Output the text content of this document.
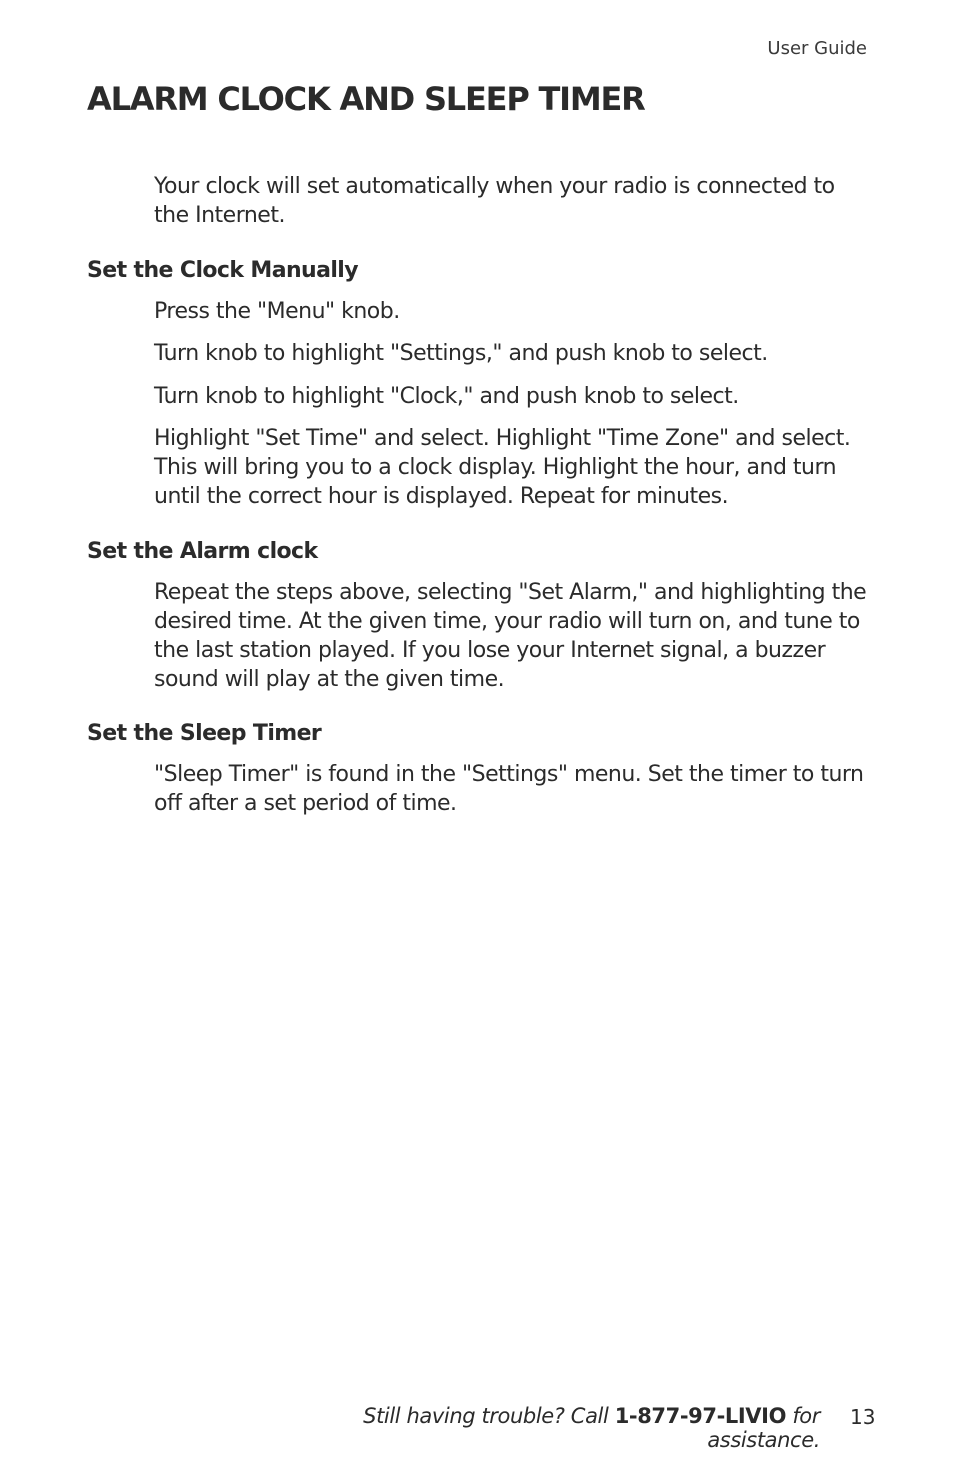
User Guide
ALARM CLOCK AND SLEEP TIMER

Your clock will set automatically when your radio is connected to the Internet.

Set the Clock Manually

Press the "Menu" knob.

Turn knob to highlight "Settings," and push knob to select.

Turn knob to highlight "Clock," and push knob to select.

Highlight "Set Time" and select. Highlight "Time Zone" and select. This will bring you to a clock display. Highlight the hour, and turn until the correct hour is displayed. Repeat for minutes.

Set the Alarm clock

Repeat the steps above, selecting "Set Alarm," and highlighting the desired time. At the given time, your radio will turn on, and tune to the last station played. If you lose your Internet signal, a buzzer sound will play at the given time.

Set the Sleep Timer

"Sleep Timer" is found in the "Settings" menu. Set the timer to turn off after a set period of time.

Still having trouble? Call 1-877-97-LIVIO for assistance.
13
